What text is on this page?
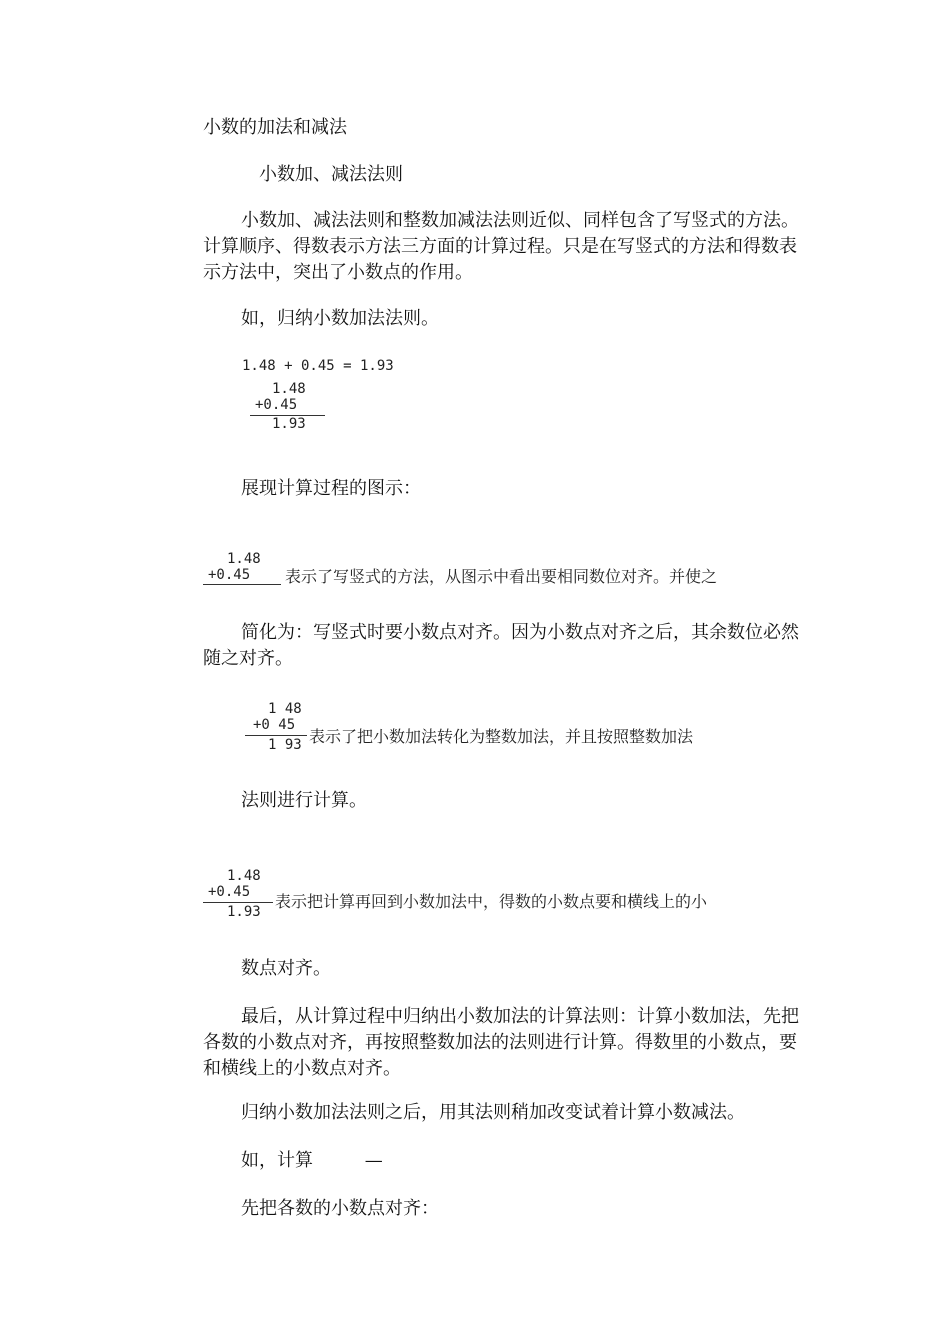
小数的加法和减法
小数加、减法法则
小数加、减法法则和整数加减法法则近似、同样包含了写竖式的方法。计算顺序、得数表示方法三方面的计算过程。只是在写竖式的方法和得数表示方法中，突出了小数点的作用。
如，归纳小数加法法则。
1.48 + 0.45 = 1.93
1.48
+0.45
1.93
展现计算过程的图示：
1.48
+0.45 表示了写竖式的方法，从图示中看出要相同数位对齐。并使之
简化为：写竖式时要小数点对齐。因为小数点对齐之后，其余数位必然随之对齐。
1 48
+0 45
1 93 表示了把小数加法转化为整数加法，并且按照整数加法
法则进行计算。
1.48
+0.45
1.93
表示把计算再回到小数加法中，得数的小数点要和横线上的小
数点对齐。
最后，从计算过程中归纳出小数加法的计算法则：计算小数加法，先把各数的小数点对齐，再按照整数加法的法则进行计算。得数里的小数点，要和横线上的小数点对齐。
归纳小数加法法则之后，用其法则稍加改变试着计算小数减法。
如，计算	—
先把各数的小数点对齐：
